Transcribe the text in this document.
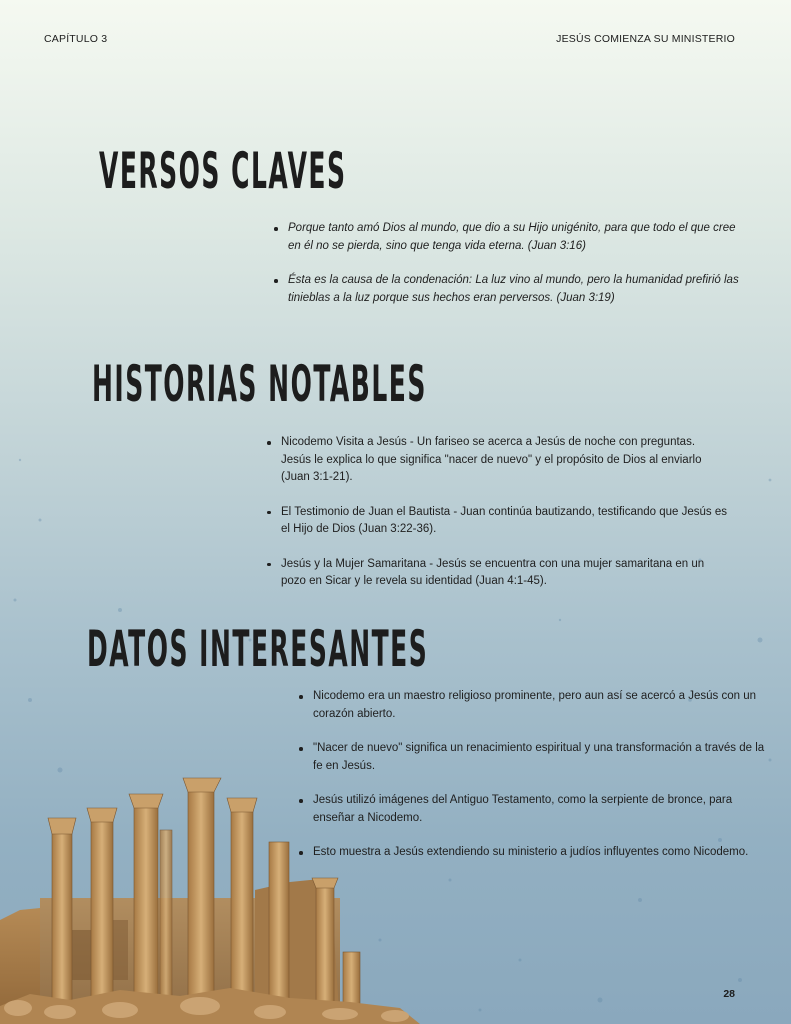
CAPÍTULO 3	JESÚS COMIENZA SU MINISTERIO
VERSOS CLAVES
Porque tanto amó Dios al mundo, que dio a su Hijo unigénito, para que todo el que cree en él no se pierda, sino que tenga vida eterna. (Juan 3:16)
Ésta es la causa de la condenación: La luz vino al mundo, pero la humanidad prefirió las tinieblas a la luz porque sus hechos eran perversos. (Juan 3:19)
HISTORIAS NOTABLES
Nicodemo Visita a Jesús - Un fariseo se acerca a Jesús de noche con preguntas. Jesús le explica lo que significa "nacer de nuevo" y el propósito de Dios al enviarlo (Juan 3:1-21).
El Testimonio de Juan el Bautista - Juan continúa bautizando, testificando que Jesús es el Hijo de Dios (Juan 3:22-36).
Jesús y la Mujer Samaritana - Jesús se encuentra con una mujer samaritana en un pozo en Sicar y le revela su identidad (Juan 4:1-45).
DATOS INTERESANTES
Nicodemo era un maestro religioso prominente, pero aun así se acercó a Jesús con un corazón abierto.
"Nacer de nuevo" significa un renacimiento espiritual y una transformación a través de la fe en Jesús.
Jesús utilizó imágenes del Antiguo Testamento, como la serpiente de bronce, para enseñar a Nicodemo.
Esto muestra a Jesús extendiendo su ministerio a judíos influyentes como Nicodemo.
28
